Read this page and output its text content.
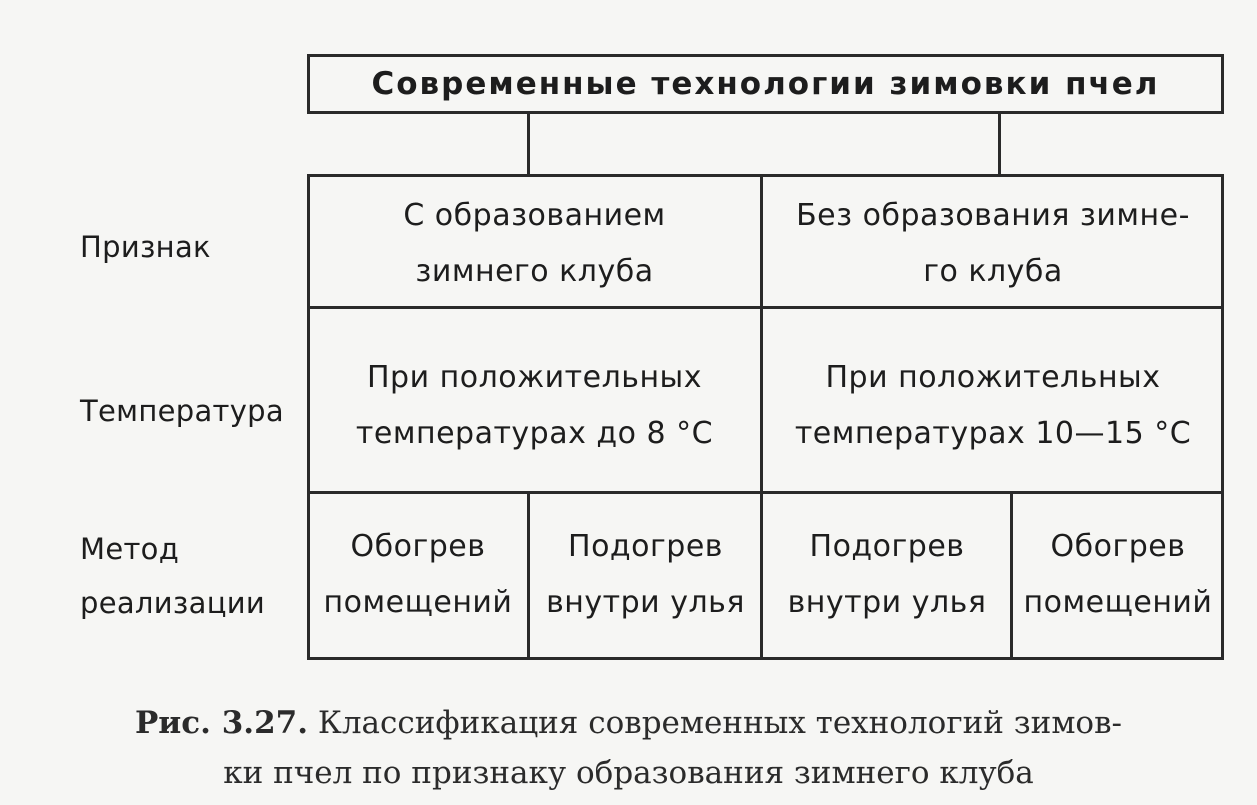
Современные технологии зимовки пчел
Признак
Температура
Метод
реализации
С образованием
зимнего клуба
Без образования зимне-
го клуба
При положительных
температурах до 8 °С
При положительных
температурах 10—15 °С
Обогрев
помещений
Подогрев
внутри улья
Подогрев
внутри улья
Обогрев
помещений
Рис. 3.27. Классификация современных технологий зимов-
ки пчел по признаку образования зимнего клуба
